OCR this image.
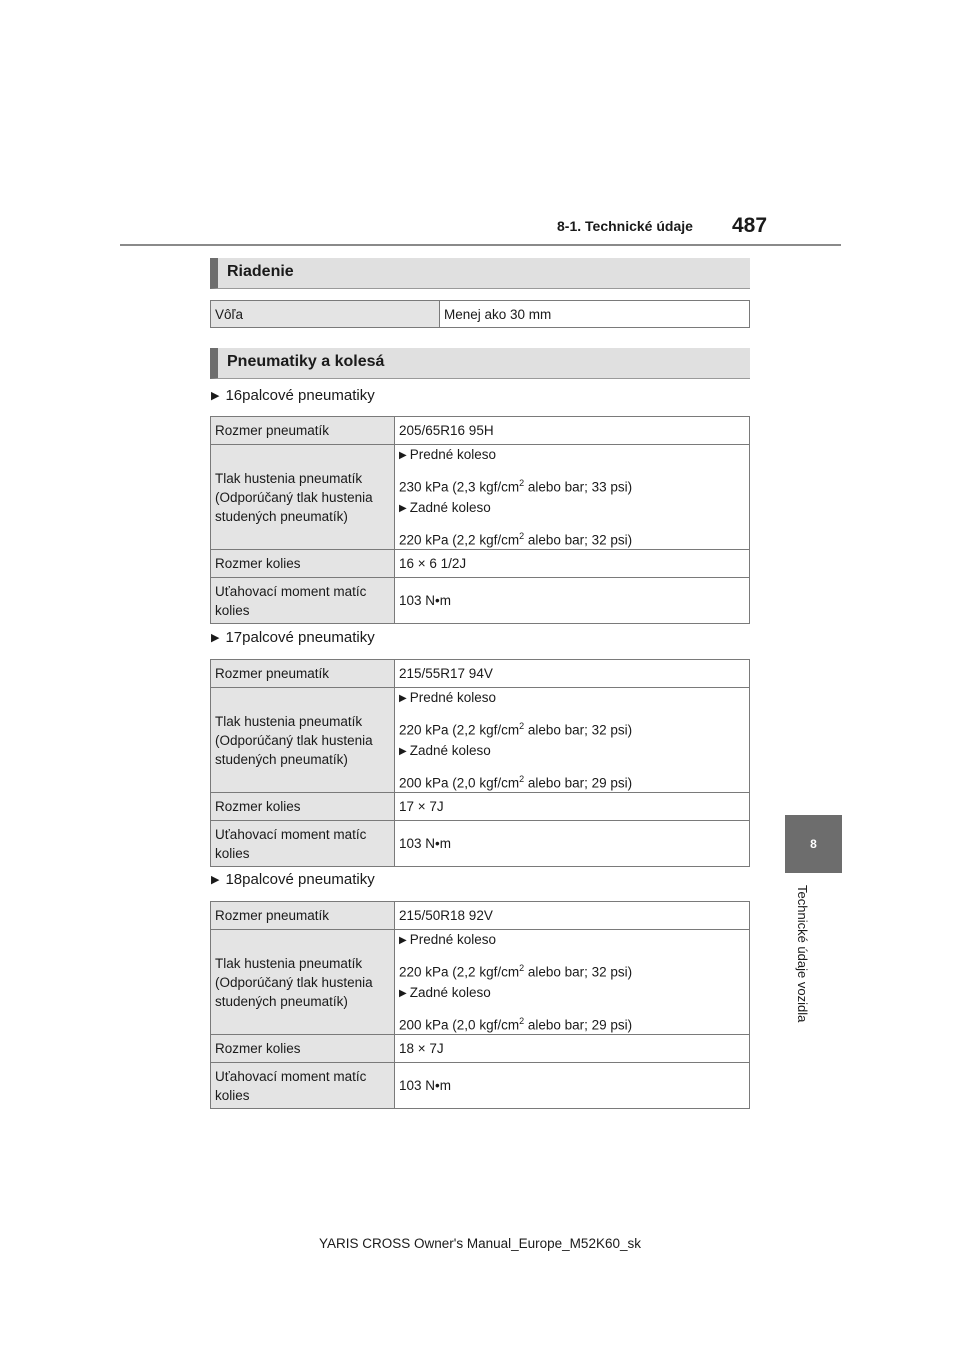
8-1. Technické údaje 487
8
Technické údaje vozidla
Riadenie
Vôľa	Menej ako 30 mm
Pneumatiky a kolesá
▶ 16palcové pneumatiky
Rozmer pneumatík	205/65R16 95H

Tlak hustenia pneumatík
(Odporúčaný tlak hustenia
studených pneumatík)	▶ Predné koleso
230 kPa (2,3 kgf/$cm^2$ alebo bar; 33 psi)
▶ Zadné koleso
220 kPa (2,2 kgf/$cm^2$ alebo bar; 32 psi)

Rozmer kolies	16 × 6 1/2J

Uťahovací moment matíc
kolies	103 N•m
▶ 17palcové pneumatiky
Rozmer pneumatík	215/55R17 94V

Tlak hustenia pneumatík
(Odporúčaný tlak hustenia
studených pneumatík)	▶ Predné koleso
220 kPa (2,2 kgf/$cm^2$ alebo bar; 32 psi)
▶ Zadné koleso
200 kPa (2,0 kgf/$cm^2$ alebo bar; 29 psi)

Rozmer kolies	17 × 7J

Uťahovací moment matíc
kolies	103 N•m
▶ 18palcové pneumatiky
Rozmer pneumatík	215/50R18 92V

Tlak hustenia pneumatík
(Odporúčaný tlak hustenia
studených pneumatík)	▶ Predné koleso
220 kPa (2,2 kgf/$cm^2$ alebo bar; 32 psi)
▶ Zadné koleso
200 kPa (2,0 kgf/$cm^2$ alebo bar; 29 psi)

Rozmer kolies	18 × 7J

Uťahovací moment matíc
kolies	103 N•m
YARIS CROSS Owner's Manual_Europe_M52K60_sk
